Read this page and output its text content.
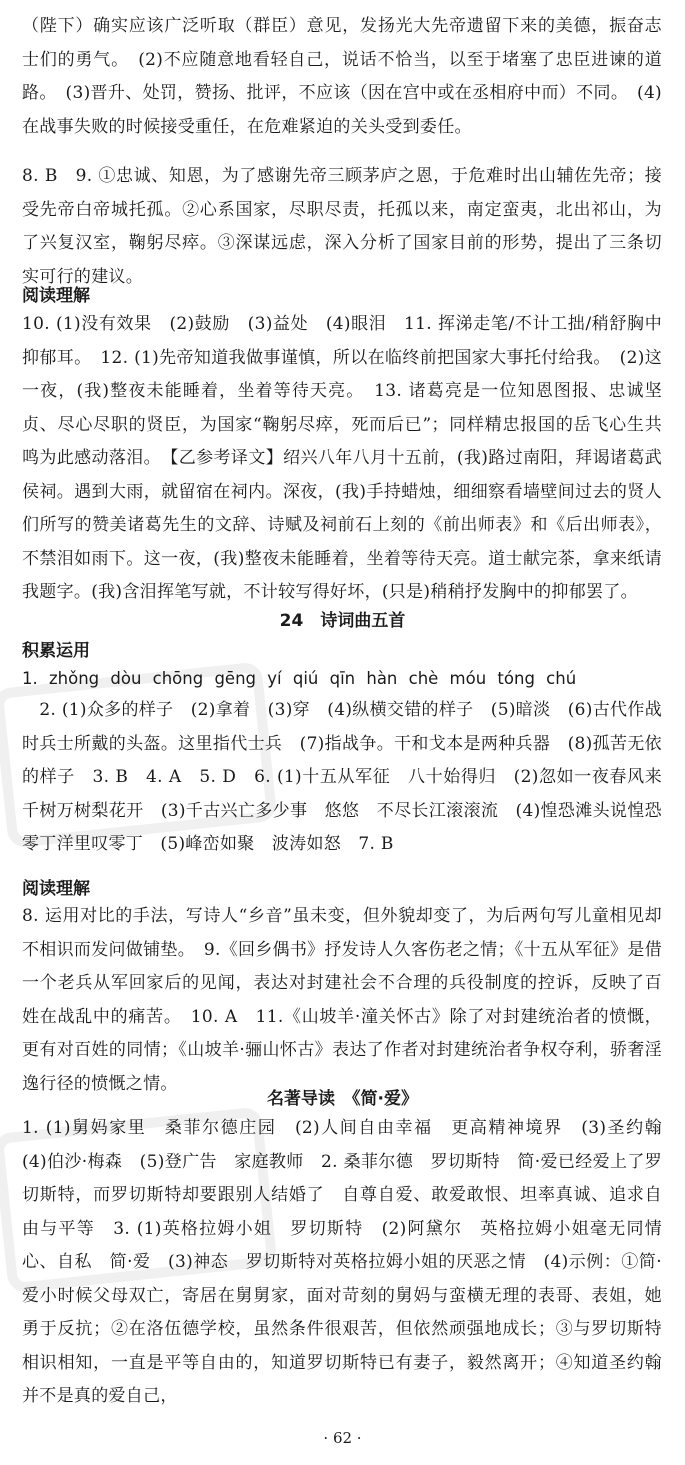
（陛下）确实应该广泛听取（群臣）意见，发扬光大先帝遗留下来的美德，振奋志士们的勇气。　(2)不应随意地看轻自己，说话不恰当，以至于堵塞了忠臣进谏的道路。　(3)晋升、处罚，赞扬、批评，不应该（因在宫中或在丞相府中而）不同。　(4)在战事失败的时候接受重任，在危难紧迫的关头受到委任。

8. B　9. ①忠诚、知恩，为了感谢先帝三顾茅庐之恩，于危难时出山辅佐先帝；接受先帝白帝城托孤。②心系国家，尽职尽责，托孤以来，南定蛮夷，北出祁山，为了兴复汉室，鞠躬尽瘁。③深谋远虑，深入分析了国家目前的形势，提出了三条切实可行的建议。

阅读理解

10. (1)没有效果　(2)鼓励　(3)益处　(4)眼泪　11. 挥涕走笔/不计工拙/稍舒胸中抑郁耳。　12. (1)先帝知道我做事谨慎，所以在临终前把国家大事托付给我。　(2)这一夜，(我)整夜未能睡着，坐着等待天亮。　13. 诸葛亮是一位知恩图报、忠诚坚贞、尽心尽职的贤臣，为国家“鞠躬尽瘁，死而后已”；同样精忠报国的岳飞心生共鸣为此感动落泪。　【乙参考译文】绍兴八年八月十五前，(我)路过南阳，拜谒诸葛武侯祠。遇到大雨，就留宿在祠内。深夜，(我)手持蜡烛，细细察看墙壁间过去的贤人们所写的赞美诸葛先生的文辞、诗赋及祠前石上刻的《前出师表》和《后出师表》，不禁泪如雨下。这一夜，(我)整夜未能睡着，坐着等待天亮。道士献完茶，拿来纸请我题字。(我)含泪挥笔写就，不计较写得好坏，(只是)稍稍抒发胸中的抑郁罢了。

24　诗词曲五首

积累运用

1. zhǒng dòu chōng gēng yí qiú qīn hàn chè móu tóng chú

　2. (1)众多的样子　(2)拿着　(3)穿　(4)纵横交错的样子　(5)暗淡　(6)古代作战时兵士所戴的头盔。这里指代士兵　(7)指战争。干和戈本是两种兵器　(8)孤苦无依的样子　3. B　4. A　5. D　6. (1)十五从军征　八十始得归　(2)忽如一夜春风来　千树万树梨花开　(3)千古兴亡多少事　悠悠　不尽长江滚滚流　(4)惶恐滩头说惶恐　零丁洋里叹零丁　(5)峰峦如聚　波涛如怒　7. B

阅读理解

8. 运用对比的手法，写诗人“乡音”虽未变，但外貌却变了，为后两句写儿童相见却不相识而发问做铺垫。　9.《回乡偶书》抒发诗人久客伤老之情；《十五从军征》是借一个老兵从军回家后的见闻，表达对封建社会不合理的兵役制度的控诉，反映了百姓在战乱中的痛苦。　10. A　11.《山坡羊·潼关怀古》除了对封建统治者的愤慨，更有对百姓的同情；《山坡羊·骊山怀古》表达了作者对封建统治者争权夺利，骄奢淫逸行径的愤慨之情。

名著导读　《简·爱》

1. (1)舅妈家里　桑菲尔德庄园　(2)人间自由幸福　更高精神境界　(3)圣约翰　(4)伯沙·梅森　(5)登广告　家庭教师　2. 桑菲尔德　罗切斯特　简·爱已经爱上了罗切斯特，而罗切斯特却要跟别人结婚了　自尊自爱、敢爱敢恨、坦率真诚、追求自由与平等　3. (1)英格拉姆小姐　罗切斯特　(2)阿黛尔　英格拉姆小姐毫无同情心、自私　简·爱　(3)神态　罗切斯特对英格拉姆小姐的厌恶之情　(4)示例：①简·爱小时候父母双亡，寄居在舅舅家，面对苛刻的舅妈与蛮横无理的表哥、表姐，她勇于反抗；②在洛伍德学校，虽然条件很艰苦，但依然顽强地成长；③与罗切斯特相识相知，一直是平等自由的，知道罗切斯特已有妻子，毅然离开；④知道圣约翰并不是真的爱自己，

· 62 ·
